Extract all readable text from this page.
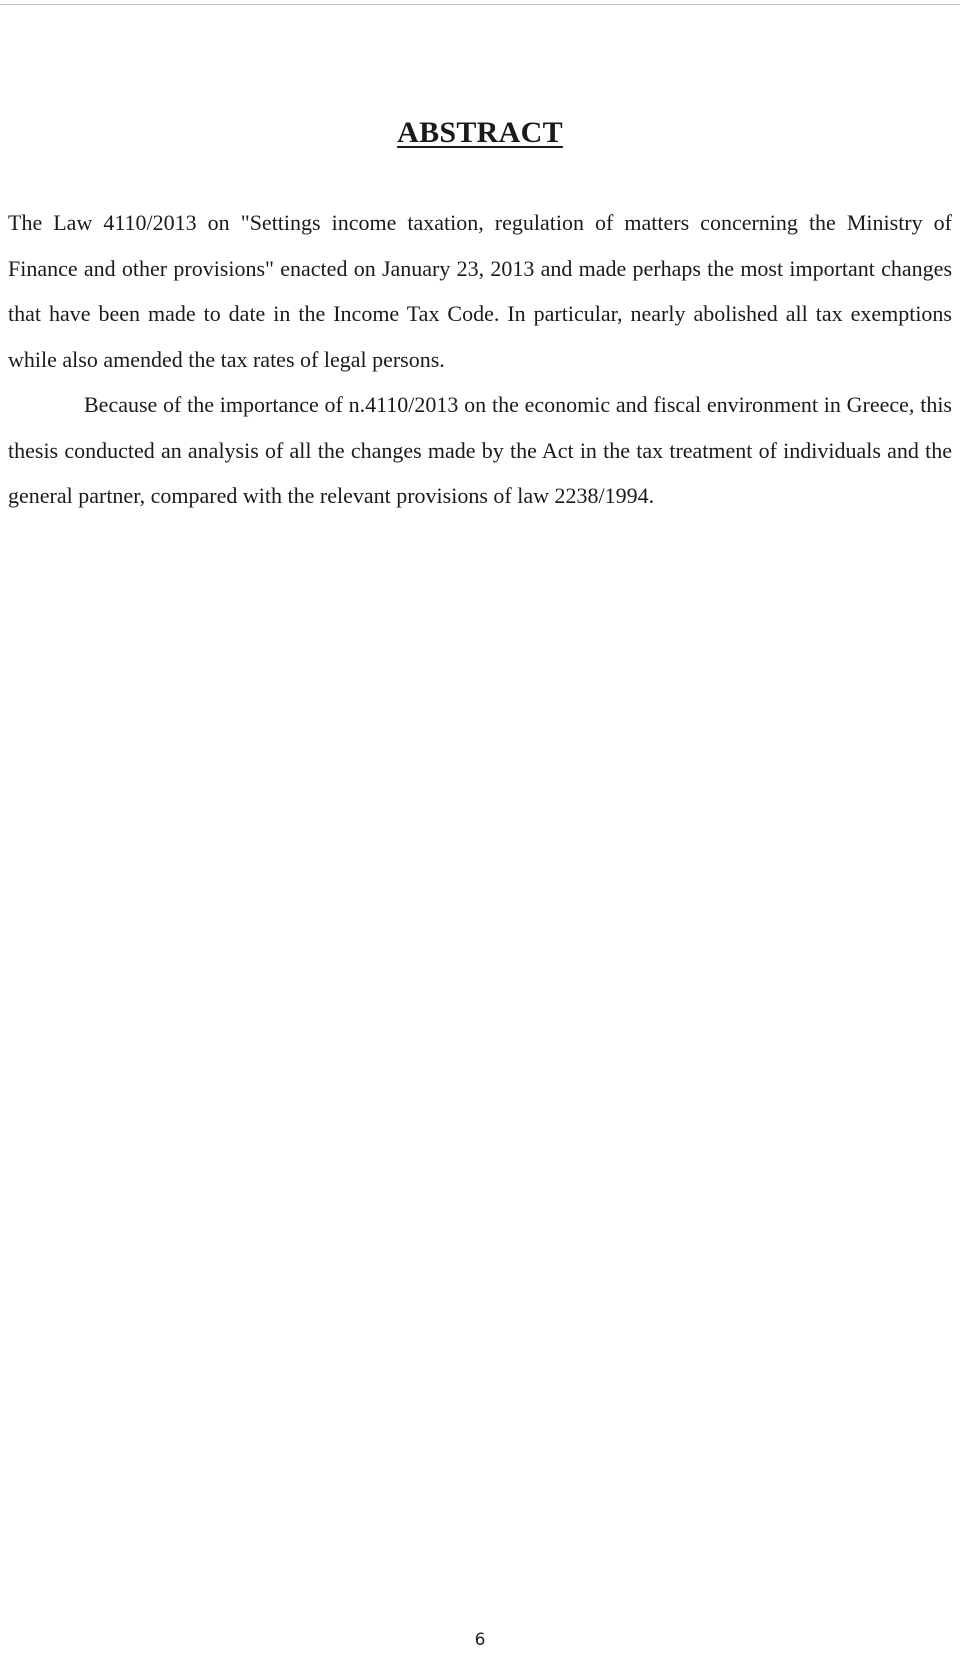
ABSTRACT

The Law 4110/2013 on "Settings income taxation, regulation of matters concerning the Ministry of Finance and other provisions" enacted on January 23, 2013 and made perhaps the most important changes that have been made to date in the Income Tax Code. In particular, nearly abolished all tax exemptions while also amended the tax rates of legal persons.

Because of the importance of n.4110/2013 on the economic and fiscal environment in Greece, this thesis conducted an analysis of all the changes made by the Act in the tax treatment of individuals and the general partner, compared with the relevant provisions of law 2238/1994.

6
